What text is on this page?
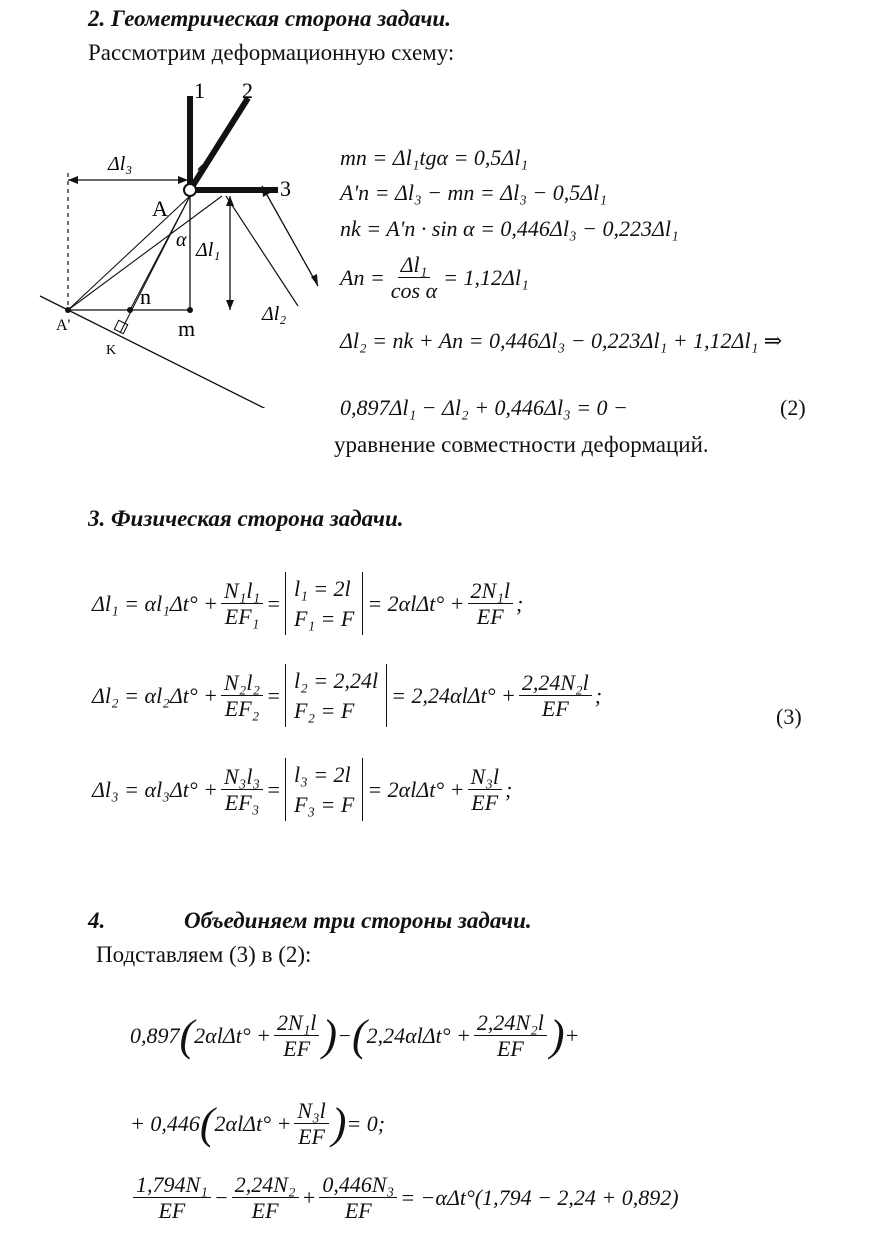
2. Геометрическая сторона задачи.
Рассмотрим деформационную схему:
1 2
3
A
α
n
m
A'
K
Δl₃
Δl₁
Δl₂
mn = Δl₁tgα = 0,5Δl₁
A'n = Δl₃ − mn = Δl₃ − 0,5Δl₁
nk = A'n · sin α = 0,446Δl₃ − 0,223Δl₁
$An = \frac{\text{Δl₁}}{\text{cos α}} = 1,12\Delta l_1$
Δl₂ = nk + An = 0,446Δl₃ − 0,223Δl₁ + 1,12Δl₁ ⇒
0,897Δl₁ − Δl₂ + 0,446Δl₃ = 0 −	(2)
уравнение совместности деформаций.
3. Физическая сторона задачи.
$\Delta l_1 = \alpha l_1\Delta t^\circ + \frac{\text{N₁l₁}}{\text{EF₁}}$ =
l₁ = 2l
F₁ = F
= $2\alpha l\Delta t^\circ + \frac{\text{2N₁l}}{EF}$ ;
$\Delta l_2 = \alpha l_2\Delta t^\circ + \frac{\text{N₂l₂}}{\text{EF₂}}$ =
l₂ = 2,24l
F₂ = F
= $2,24\alpha l\Delta t^\circ + \frac{\text{2,24N₂l}}{EF}$ ;
(3)
$\Delta l_3 = \alpha l_3\Delta t^\circ + \frac{\text{N₃l₃}}{\text{EF₃}}$ =
l₃ = 2l
F₃ = F
= $2\alpha l\Delta t^\circ + \frac{\text{N₃l}}{EF}$ ;
4.	Объединяем три стороны задачи.
Подставляем (3) в (2):
0,897 ( $2\alpha l\Delta t^\circ + \frac{\text{2N₁l}}{EF}$ ) − ( $2,24\alpha l\Delta t^\circ + \frac{\text{2,24N₂l}}{EF}$ ) +
+ 0,446 ( $2\alpha l\Delta t^\circ + \frac{\text{N₃l}}{EF}$ ) = 0;
$\frac{\text{1,794N₁}}{EF} - \frac{\text{2,24N₂}}{EF} + \frac{\text{0,446N₃}}{EF} = -\alpha\Delta t^\circ(1,794 - 2,24 + 0,892)$
